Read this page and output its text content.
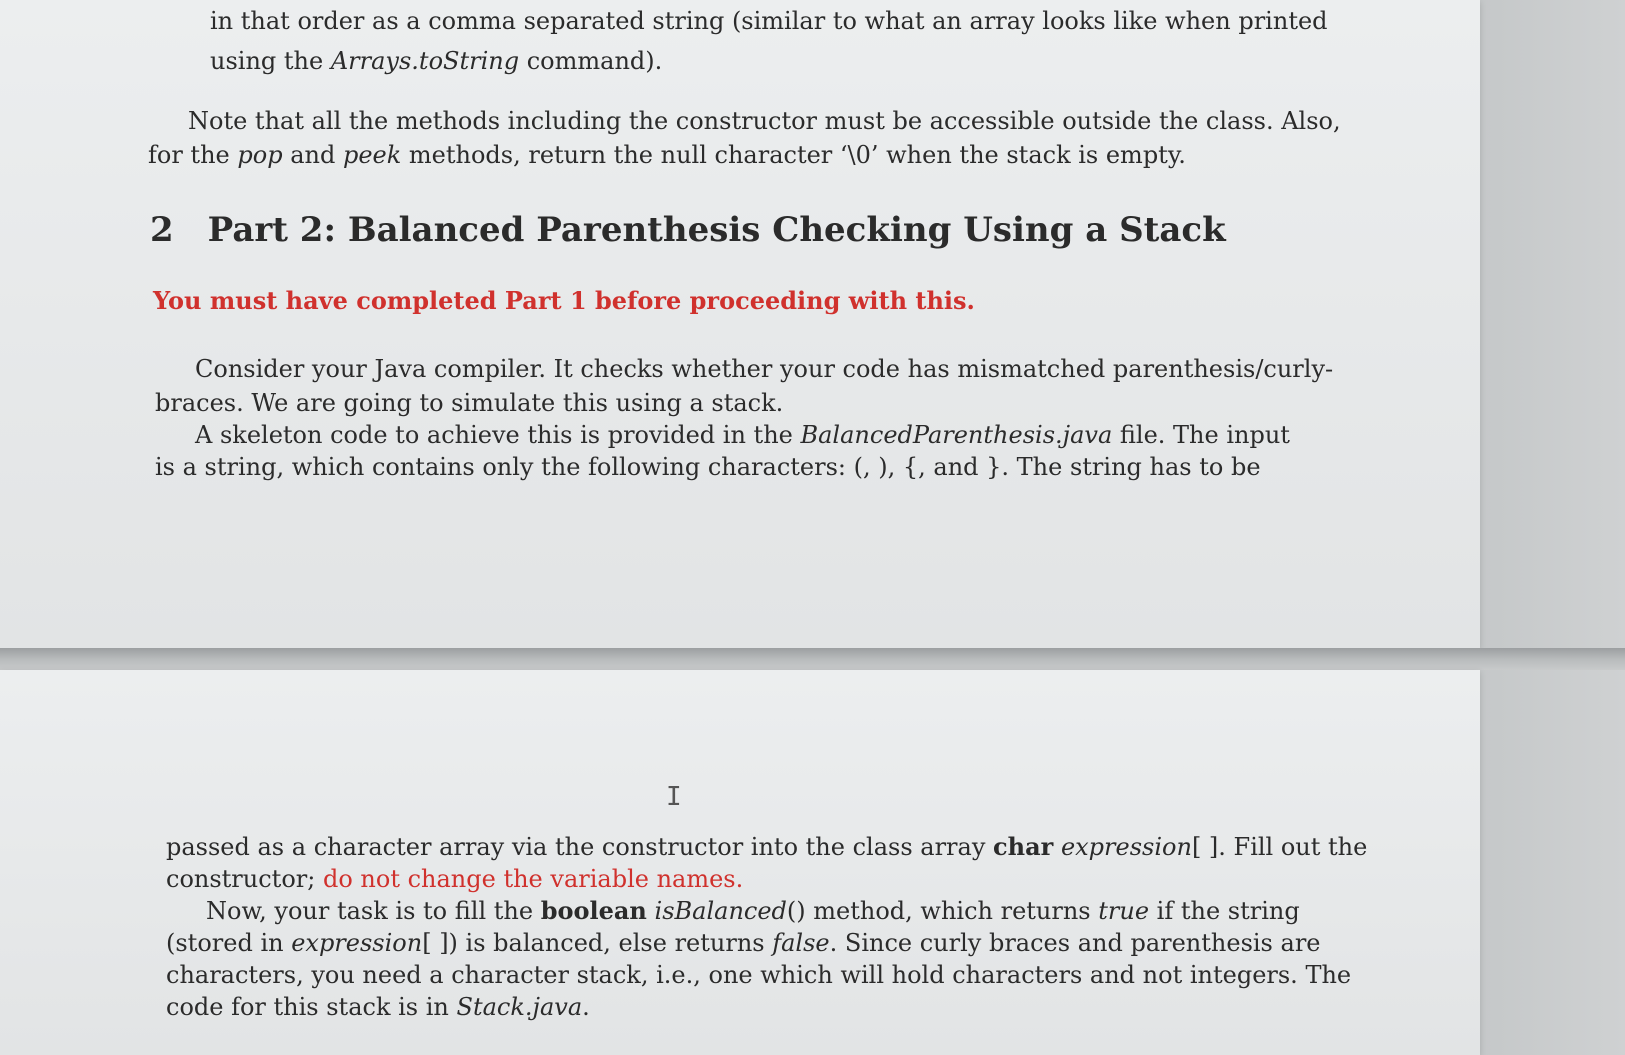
in that order as a comma separated string (similar to what an array looks like when printed

using the Arrays.toString command).

Note that all the methods including the constructor must be accessible outside the class. Also,

for the pop and peek methods, return the null character ‘\0’ when the stack is empty.

2 Part 2: Balanced Parenthesis Checking Using a Stack

You must have completed Part 1 before proceeding with this.

Consider your Java compiler. It checks whether your code has mismatched parenthesis/curly-

braces. We are going to simulate this using a stack.

A skeleton code to achieve this is provided in the BalancedParenthesis.java file. The input

is a string, which contains only the following characters: (, ), {, and }. The string has to be

passed as a character array via the constructor into the class array char expression[ ]. Fill out the

constructor; do not change the variable names.

Now, your task is to fill the boolean isBalanced() method, which returns true if the string

(stored in expression[ ]) is balanced, else returns false. Since curly braces and parenthesis are

characters, you need a character stack, i.e., one which will hold characters and not integers. The

code for this stack is in Stack.java.

I
